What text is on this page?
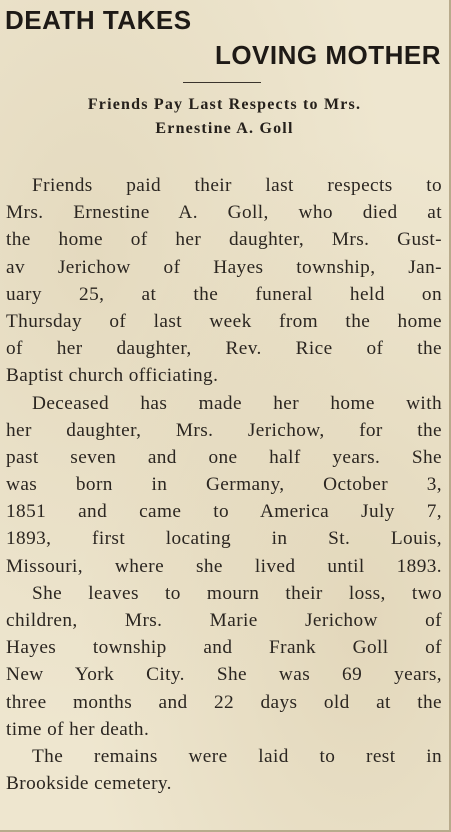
DEATH TAKES
LOVING MOTHER
Friends Pay Last Respects to Mrs.
Ernestine A. Goll
Friends paid their last respects to
Mrs. Ernestine A. Goll, who died at
the home of her daughter, Mrs. Gust-
av Jerichow of Hayes township, Jan-
uary 25, at the funeral held on
Thursday of last week from the home
of her daughter, Rev. Rice of the
Baptist church officiating.
Deceased has made her home with
her daughter, Mrs. Jerichow, for the
past seven and one half years. She
was born in Germany, October 3,
1851 and came to America July 7,
1893, first locating in St. Louis,
Missouri, where she lived until 1893.
She leaves to mourn their loss, two
children, Mrs. Marie Jerichow of
Hayes township and Frank Goll of
New York City. She was 69 years,
three months and 22 days old at the
time of her death.
The remains were laid to rest in
Brookside cemetery.
